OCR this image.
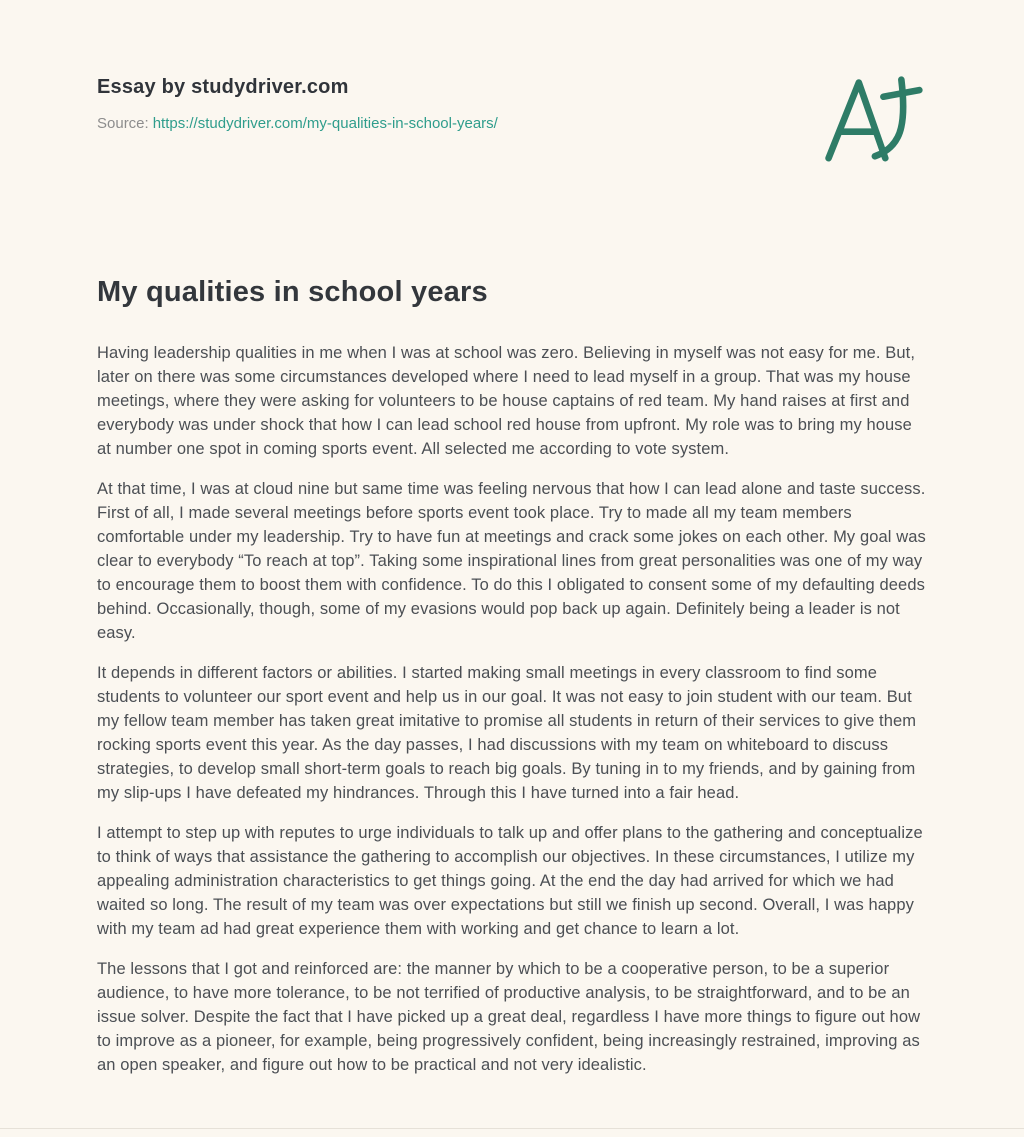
Essay by studydriver.com

Source: https://studydriver.com/my-qualities-in-school-years/

My qualities in school years

Having leadership qualities in me when I was at school was zero. Believing in myself was not easy for me. But, later on there was some circumstances developed where I need to lead myself in a group. That was my house meetings, where they were asking for volunteers to be house captains of red team. My hand raises at first and everybody was under shock that how I can lead school red house from upfront. My role was to bring my house at number one spot in coming sports event. All selected me according to vote system.

At that time, I was at cloud nine but same time was feeling nervous that how I can lead alone and taste success. First of all, I made several meetings before sports event took place. Try to made all my team members comfortable under my leadership. Try to have fun at meetings and crack some jokes on each other. My goal was clear to everybody “To reach at top”. Taking some inspirational lines from great personalities was one of my way to encourage them to boost them with confidence. To do this I obligated to consent some of my defaulting deeds behind. Occasionally, though, some of my evasions would pop back up again. Definitely being a leader is not easy.

It depends in different factors or abilities. I started making small meetings in every classroom to find some students to volunteer our sport event and help us in our goal. It was not easy to join student with our team. But my fellow team member has taken great imitative to promise all students in return of their services to give them rocking sports event this year. As the day passes, I had discussions with my team on whiteboard to discuss strategies, to develop small short-term goals to reach big goals. By tuning in to my friends, and by gaining from my slip-ups I have defeated my hindrances. Through this I have turned into a fair head.

I attempt to step up with reputes to urge individuals to talk up and offer plans to the gathering and conceptualize to think of ways that assistance the gathering to accomplish our objectives. In these circumstances, I utilize my appealing administration characteristics to get things going. At the end the day had arrived for which we had waited so long. The result of my team was over expectations but still we finish up second. Overall, I was happy with my team ad had great experience them with working and get chance to learn a lot.

The lessons that I got and reinforced are: the manner by which to be a cooperative person, to be a superior audience, to have more tolerance, to be not terrified of productive analysis, to be straightforward, and to be an issue solver. Despite the fact that I have picked up a great deal, regardless I have more things to figure out how to improve as a pioneer, for example, being progressively confident, being increasingly restrained, improving as an open speaker, and figure out how to be practical and not very idealistic.
